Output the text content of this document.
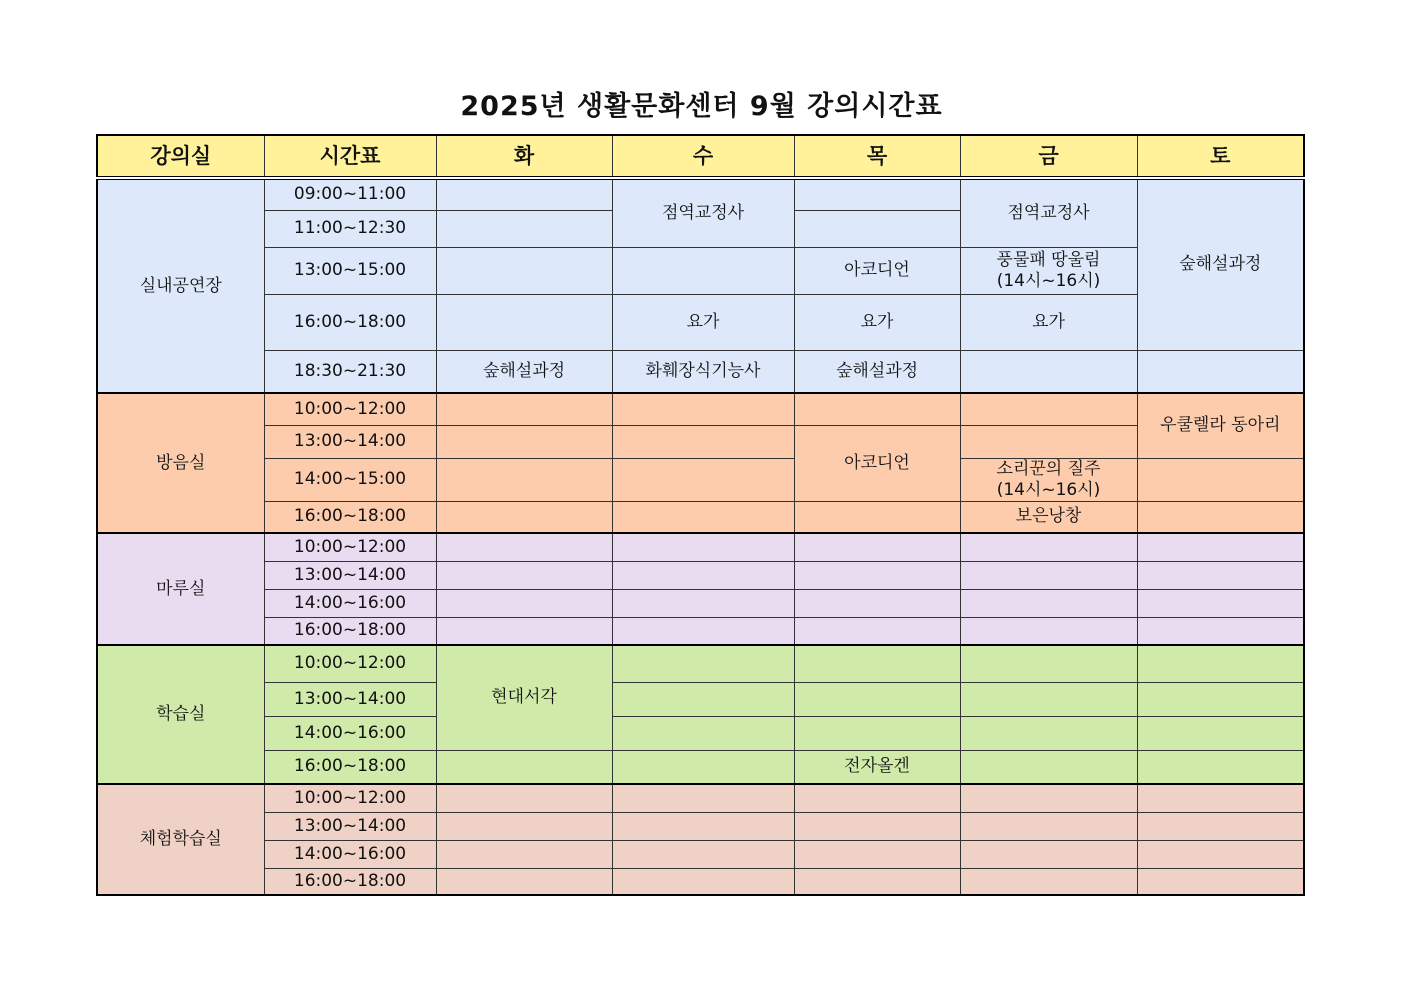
2025년 생활문화센터 9월 강의시간표
강의실	시간표	화	수	목	금	토
실내공연장	09:00~11:00		점역교정사		점역교정사	숲해설과정
	11:00~12:30					
	13:00~15:00			아코디언	풍물패 땅울림
(14시~16시)	

	16:00~18:00		요가	요가	요가	
	18:30~21:30	숲해설과정	화훼장식기능사	숲해설과정		
방음실	10:00~12:00					우쿨렐라 동아리
	13:00~14:00			아코디언		
	14:00~15:00				소리꾼의 질주
(14시~16시)	

	16:00~18:00				보은낭창	
마루실	10:00~12:00					
	13:00~14:00					
	14:00~16:00					
	16:00~18:00					
학습실	10:00~12:00	현대서각				
	13:00~14:00					
	14:00~16:00					
	16:00~18:00			전자올겐		
체험학습실	10:00~12:00					
	13:00~14:00					
	14:00~16:00					
	16:00~18:00					
